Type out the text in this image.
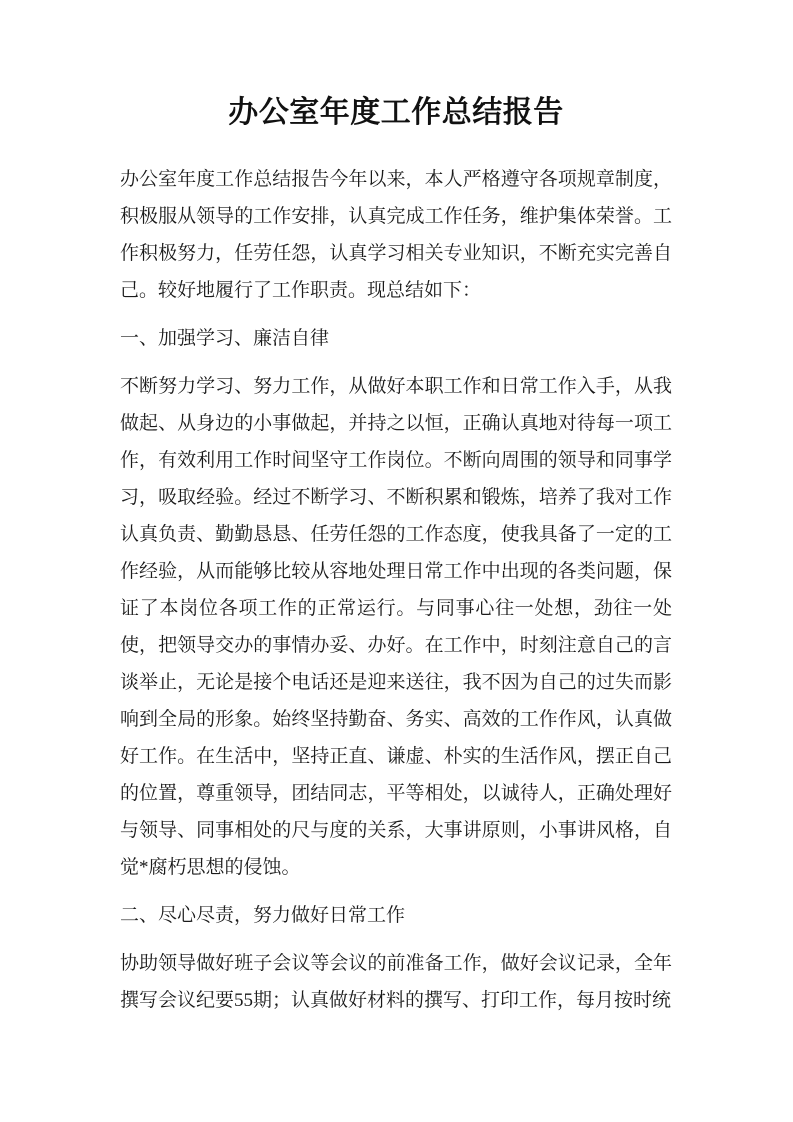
办公室年度工作总结报告

办公室年度工作总结报告今年以来，本人严格遵守各项规章制度，积极服从领导的工作安排，认真完成工作任务，维护集体荣誉。工作积极努力，任劳任怨，认真学习相关专业知识，不断充实完善自己。较好地履行了工作职责。现总结如下：

一、加强学习、廉洁自律

不断努力学习、努力工作，从做好本职工作和日常工作入手，从我做起、从身边的小事做起，并持之以恒，正确认真地对待每一项工作，有效利用工作时间坚守工作岗位。不断向周围的领导和同事学习，吸取经验。经过不断学习、不断积累和锻炼，培养了我对工作认真负责、勤勤恳恳、任劳任怨的工作态度，使我具备了一定的工作经验，从而能够比较从容地处理日常工作中出现的各类问题，保证了本岗位各项工作的正常运行。与同事心往一处想，劲往一处使，把领导交办的事情办妥、办好。在工作中，时刻注意自己的言谈举止，无论是接个电话还是迎来送往，我不因为自己的过失而影响到全局的形象。始终坚持勤奋、务实、高效的工作作风，认真做好工作。在生活中，坚持正直、谦虚、朴实的生活作风，摆正自己的位置，尊重领导，团结同志，平等相处，以诚待人，正确处理好与领导、同事相处的尺与度的关系，大事讲原则，小事讲风格，自觉*腐朽思想的侵蚀。

二、尽心尽责，努力做好日常工作

协助领导做好班子会议等会议的前准备工作，做好会议记录，全年撰写会议纪要55期；认真做好材料的撰写、打印工作，每月按时统
